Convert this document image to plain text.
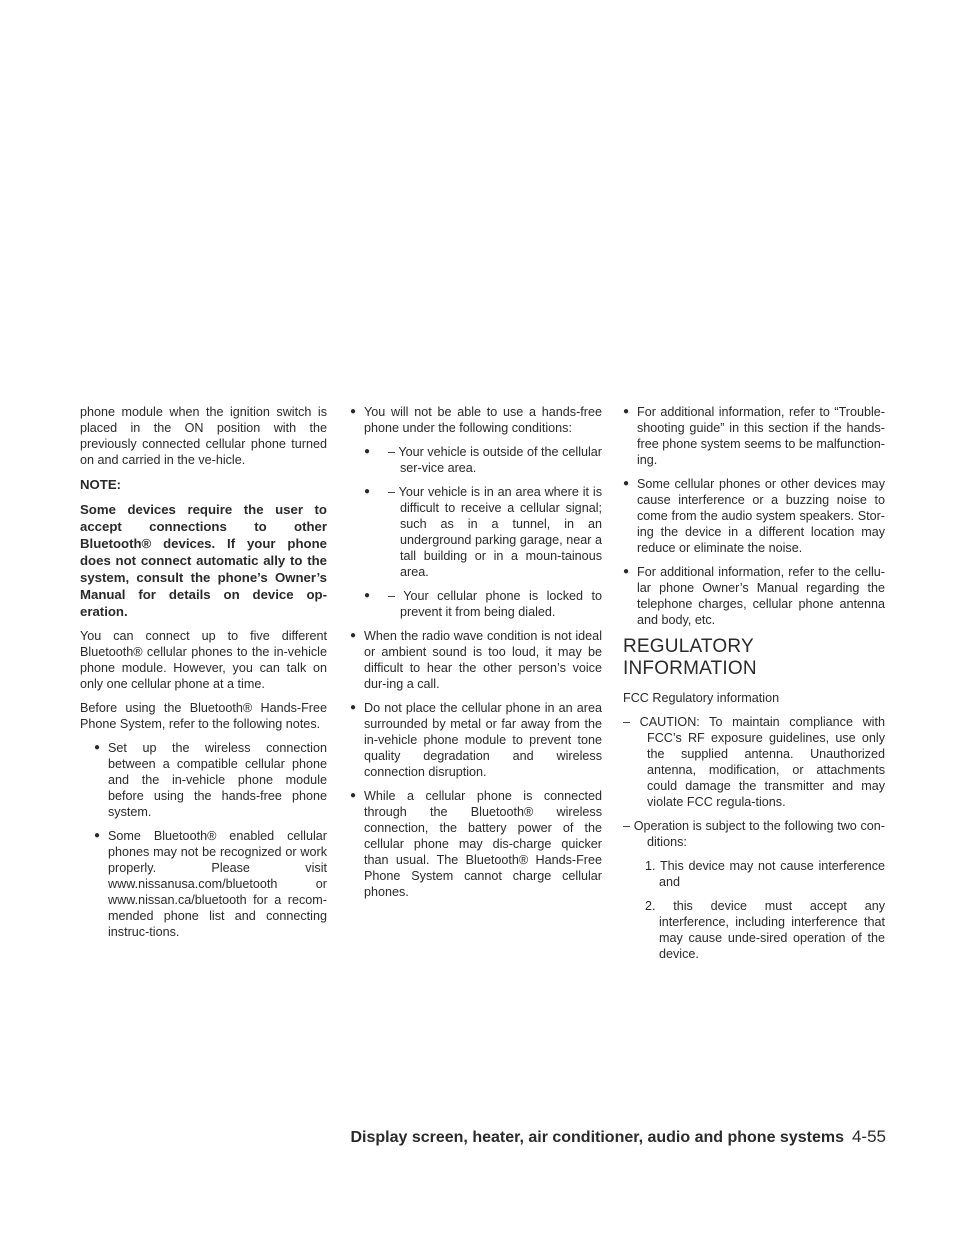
phone module when the ignition switch is placed in the ON position with the previously connected cellular phone turned on and carried in the ve-hicle.

NOTE:

Some devices require the user to accept connections to other Bluetooth® devices. If your phone does not connect automatic ally to the system, consult the phone’s Owner’s Manual for details on device op-eration.

You can connect up to five different Bluetooth® cellular phones to the in-vehicle phone module. However, you can talk on only one cellular phone at a time.

Before using the Bluetooth® Hands-Free Phone System, refer to the following notes.

● Set up the wireless connection between a compatible cellular phone and the in-vehicle phone module before using the hands-free phone system.
● Some Bluetooth® enabled cellular phones may not be recognized or work properly. Please visit www.nissanusa.com/bluetooth or www.nissan.ca/bluetooth for a recom-mended phone list and connecting instruc-tions.
● You will not be able to use a hands-free phone under the following conditions:
● – Your vehicle is outside of the cellular ser-vice area.
● – Your vehicle is in an area where it is difficult to receive a cellular signal; such as in a tunnel, in an underground parking garage, near a tall building or in a moun-tainous area.
● – Your cellular phone is locked to prevent it from being dialed.
● When the radio wave condition is not ideal or ambient sound is too loud, it may be difficult to hear the other person’s voice dur-ing a call.
● Do not place the cellular phone in an area surrounded by metal or far away from the in-vehicle phone module to prevent tone quality degradation and wireless connection disruption.
● While a cellular phone is connected through the Bluetooth® wireless connection, the battery power of the cellular phone may dis-charge quicker than usual. The Bluetooth® Hands-Free Phone System cannot charge cellular phones.
● For additional information, refer to “Trouble-shooting guide” in this section if the hands-free phone system seems to be malfunction-ing.
● Some cellular phones or other devices may cause interference or a buzzing noise to come from the audio system speakers. Stor-ing the device in a different location may reduce or eliminate the noise.
● For additional information, refer to the cellu-lar phone Owner’s Manual regarding the telephone charges, cellular phone antenna and body, etc.
REGULATORY INFORMATION

FCC Regulatory information

– CAUTION: To maintain compliance with FCC’s RF exposure guidelines, use only the supplied antenna. Unauthorized antenna, modification, or attachments could damage the transmitter and may violate FCC regula-tions.
– Operation is subject to the following two con-ditions:
1. This device may not cause interference and
2. this device must accept any interference, including interference that may cause unde-sired operation of the device.
Display screen, heater, air conditioner, audio and phone systems 4-55
